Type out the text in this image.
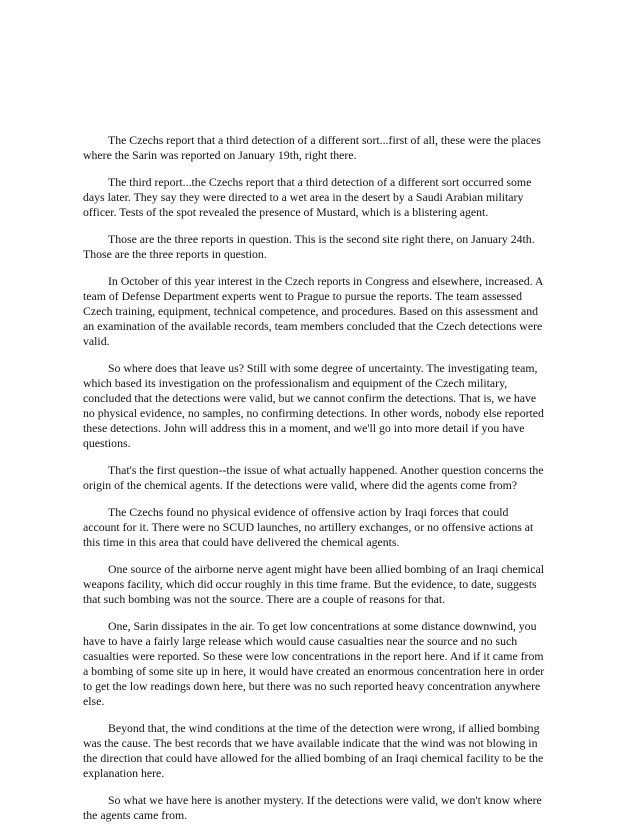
The Czechs report that a third detection of a different sort...first of all, these were the places where the Sarin was reported on January 19th, right there.

The third report...the Czechs report that a third detection of a different sort occurred some days later. They say they were directed to a wet area in the desert by a Saudi Arabian military officer. Tests of the spot revealed the presence of Mustard, which is a blistering agent.

Those are the three reports in question. This is the second site right there, on January 24th. Those are the three reports in question.

In October of this year interest in the Czech reports in Congress and elsewhere, increased. A team of Defense Department experts went to Prague to pursue the reports. The team assessed Czech training, equipment, technical competence, and procedures. Based on this assessment and an examination of the available records, team members concluded that the Czech detections were valid.

So where does that leave us? Still with some degree of uncertainty. The investigating team, which based its investigation on the professionalism and equipment of the Czech military, concluded that the detections were valid, but we cannot confirm the detections. That is, we have no physical evidence, no samples, no confirming detections. In other words, nobody else reported these detections. John will address this in a moment, and we'll go into more detail if you have questions.

That's the first question--the issue of what actually happened. Another question concerns the origin of the chemical agents. If the detections were valid, where did the agents come from?

The Czechs found no physical evidence of offensive action by Iraqi forces that could account for it. There were no SCUD launches, no artillery exchanges, or no offensive actions at this time in this area that could have delivered the chemical agents.

One source of the airborne nerve agent might have been allied bombing of an Iraqi chemical weapons facility, which did occur roughly in this time frame. But the evidence, to date, suggests that such bombing was not the source. There are a couple of reasons for that.

One, Sarin dissipates in the air. To get low concentrations at some distance downwind, you have to have a fairly large release which would cause casualties near the source and no such casualties were reported. So these were low concentrations in the report here. And if it came from a bombing of some site up in here, it would have created an enormous concentration here in order to get the low readings down here, but there was no such reported heavy concentration anywhere else.

Beyond that, the wind conditions at the time of the detection were wrong, if allied bombing was the cause. The best records that we have available indicate that the wind was not blowing in the direction that could have allowed for the allied bombing of an Iraqi chemical facility to be the explanation here.

So what we have here is another mystery. If the detections were valid, we don't know where the agents came from.
